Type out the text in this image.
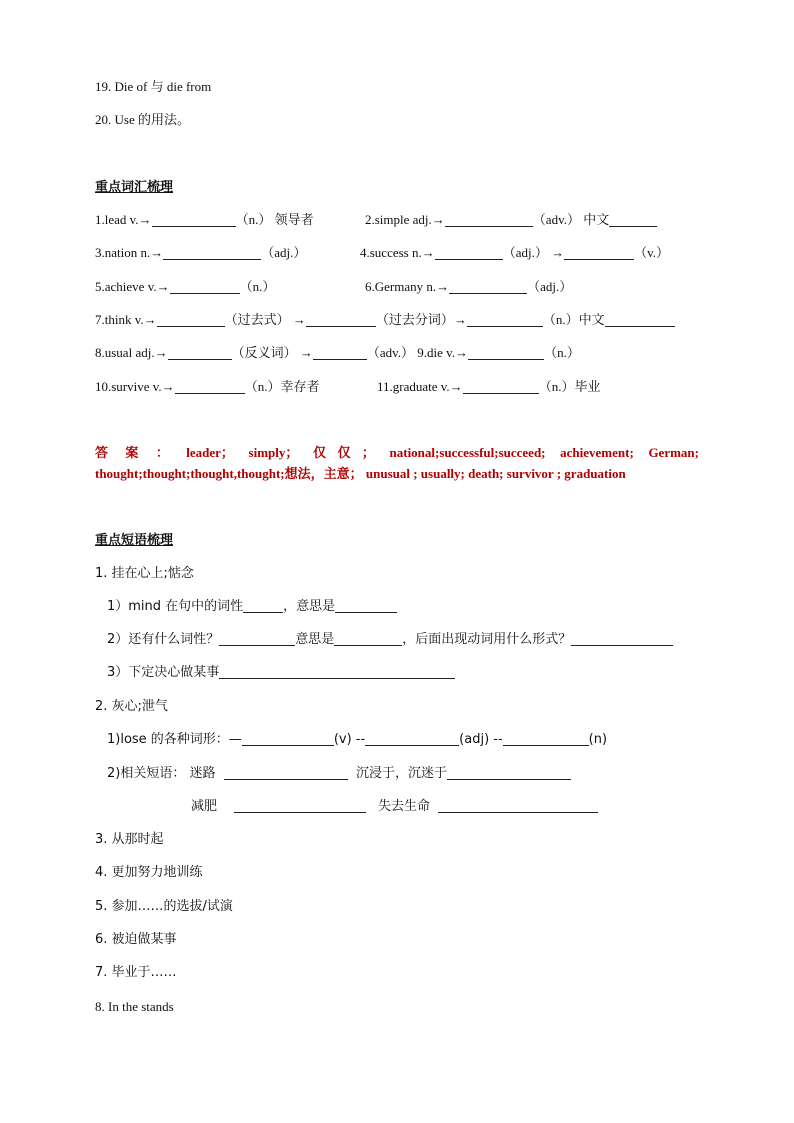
19. Die of 与 die from
20. Use 的用法。
重点词汇梳理
1.lead v.→	（n.） 领导者	2.simple adj.→	（adv.） 中文
3.nation n.→	（adj.）	4.success n.→	（adj.） →	（v.）
5.achieve v.→	（n.）	6.Germany n.→	（adj.）
7.think v.→	（过去式） →	（过去分词）→	（n.）中文
8.usual adj.→	（反义词） →	（adv.） 9.die v.→	（n.）
10.survive v.→	（n.）幸存者	11.graduate v.→	（n.）毕业
答案：leader； simply； 仅仅； national;successful;succeed; achievement; German; thought;thought;thought,thought;想法，主意； unusual ; usually; death; survivor ; graduation
重点短语梳理
1. 挂在心上;惦念
1）mind 在句中的词性	，意思是
2）还有什么词性？	意思是	，后面出现动词用什么形式？
3）下定决心做某事
2. 灰心;泄气
1)lose 的各种词形：—	(v) --	(adj) --	(n)
2)相关短语： 迷路	沉浸于，沉迷于
减肥	失去生命
3. 从那时起
4. 更加努力地训练
5. 参加……的选拔/试演
6. 被迫做某事
7. 毕业于……
8. In the stands
